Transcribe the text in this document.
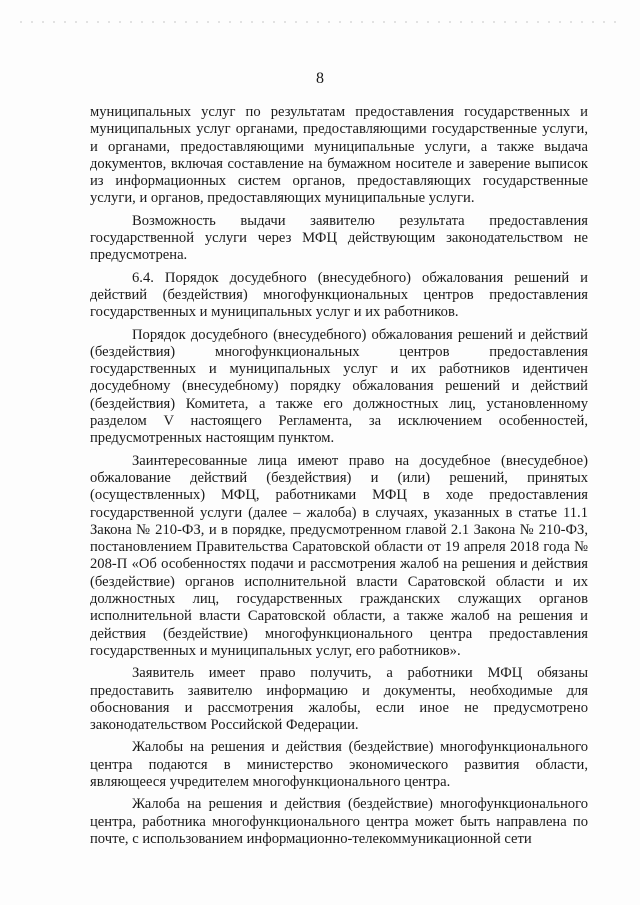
8

муниципальных услуг по результатам предоставления государственных и муниципальных услуг органами, предоставляющими государственные услуги, и органами, предоставляющими муниципальные услуги, а также выдача документов, включая составление на бумажном носителе и заверение выписок из информационных систем органов, предоставляющих государственные услуги, и органов, предоставляющих муниципальные услуги.

Возможность выдачи заявителю результата предоставления государственной услуги через МФЦ действующим законодательством не предусмотрена.

6.4. Порядок досудебного (внесудебного) обжалования решений и действий (бездействия) многофункциональных центров предоставления государственных и муниципальных услуг и их работников.

Порядок досудебного (внесудебного) обжалования решений и действий (бездействия) многофункциональных центров предоставления государственных и муниципальных услуг и их работников идентичен досудебному (внесудебному) порядку обжалования решений и действий (бездействия) Комитета, а также его должностных лиц, установленному разделом V настоящего Регламента, за исключением особенностей, предусмотренных настоящим пунктом.

Заинтересованные лица имеют право на досудебное (внесудебное) обжалование действий (бездействия) и (или) решений, принятых (осуществленных) МФЦ, работниками МФЦ в ходе предоставления государственной услуги (далее – жалоба) в случаях, указанных в статье 11.1 Закона № 210-ФЗ, и в порядке, предусмотренном главой 2.1 Закона № 210-ФЗ, постановлением Правительства Саратовской области от 19 апреля 2018 года № 208-П «Об особенностях подачи и рассмотрения жалоб на решения и действия (бездействие) органов исполнительной власти Саратовской области и их должностных лиц, государственных гражданских служащих органов исполнительной власти Саратовской области, а также жалоб на решения и действия (бездействие) многофункционального центра предоставления государственных и муниципальных услуг, его работников».

Заявитель имеет право получить, а работники МФЦ обязаны предоставить заявителю информацию и документы, необходимые для обоснования и рассмотрения жалобы, если иное не предусмотрено законодательством Российской Федерации.

Жалобы на решения и действия (бездействие) многофункционального центра подаются в министерство экономического развития области, являющееся учредителем многофункционального центра.

Жалоба на решения и действия (бездействие) многофункционального центра, работника многофункционального центра может быть направлена по почте, с использованием информационно-телекоммуникационной сети
